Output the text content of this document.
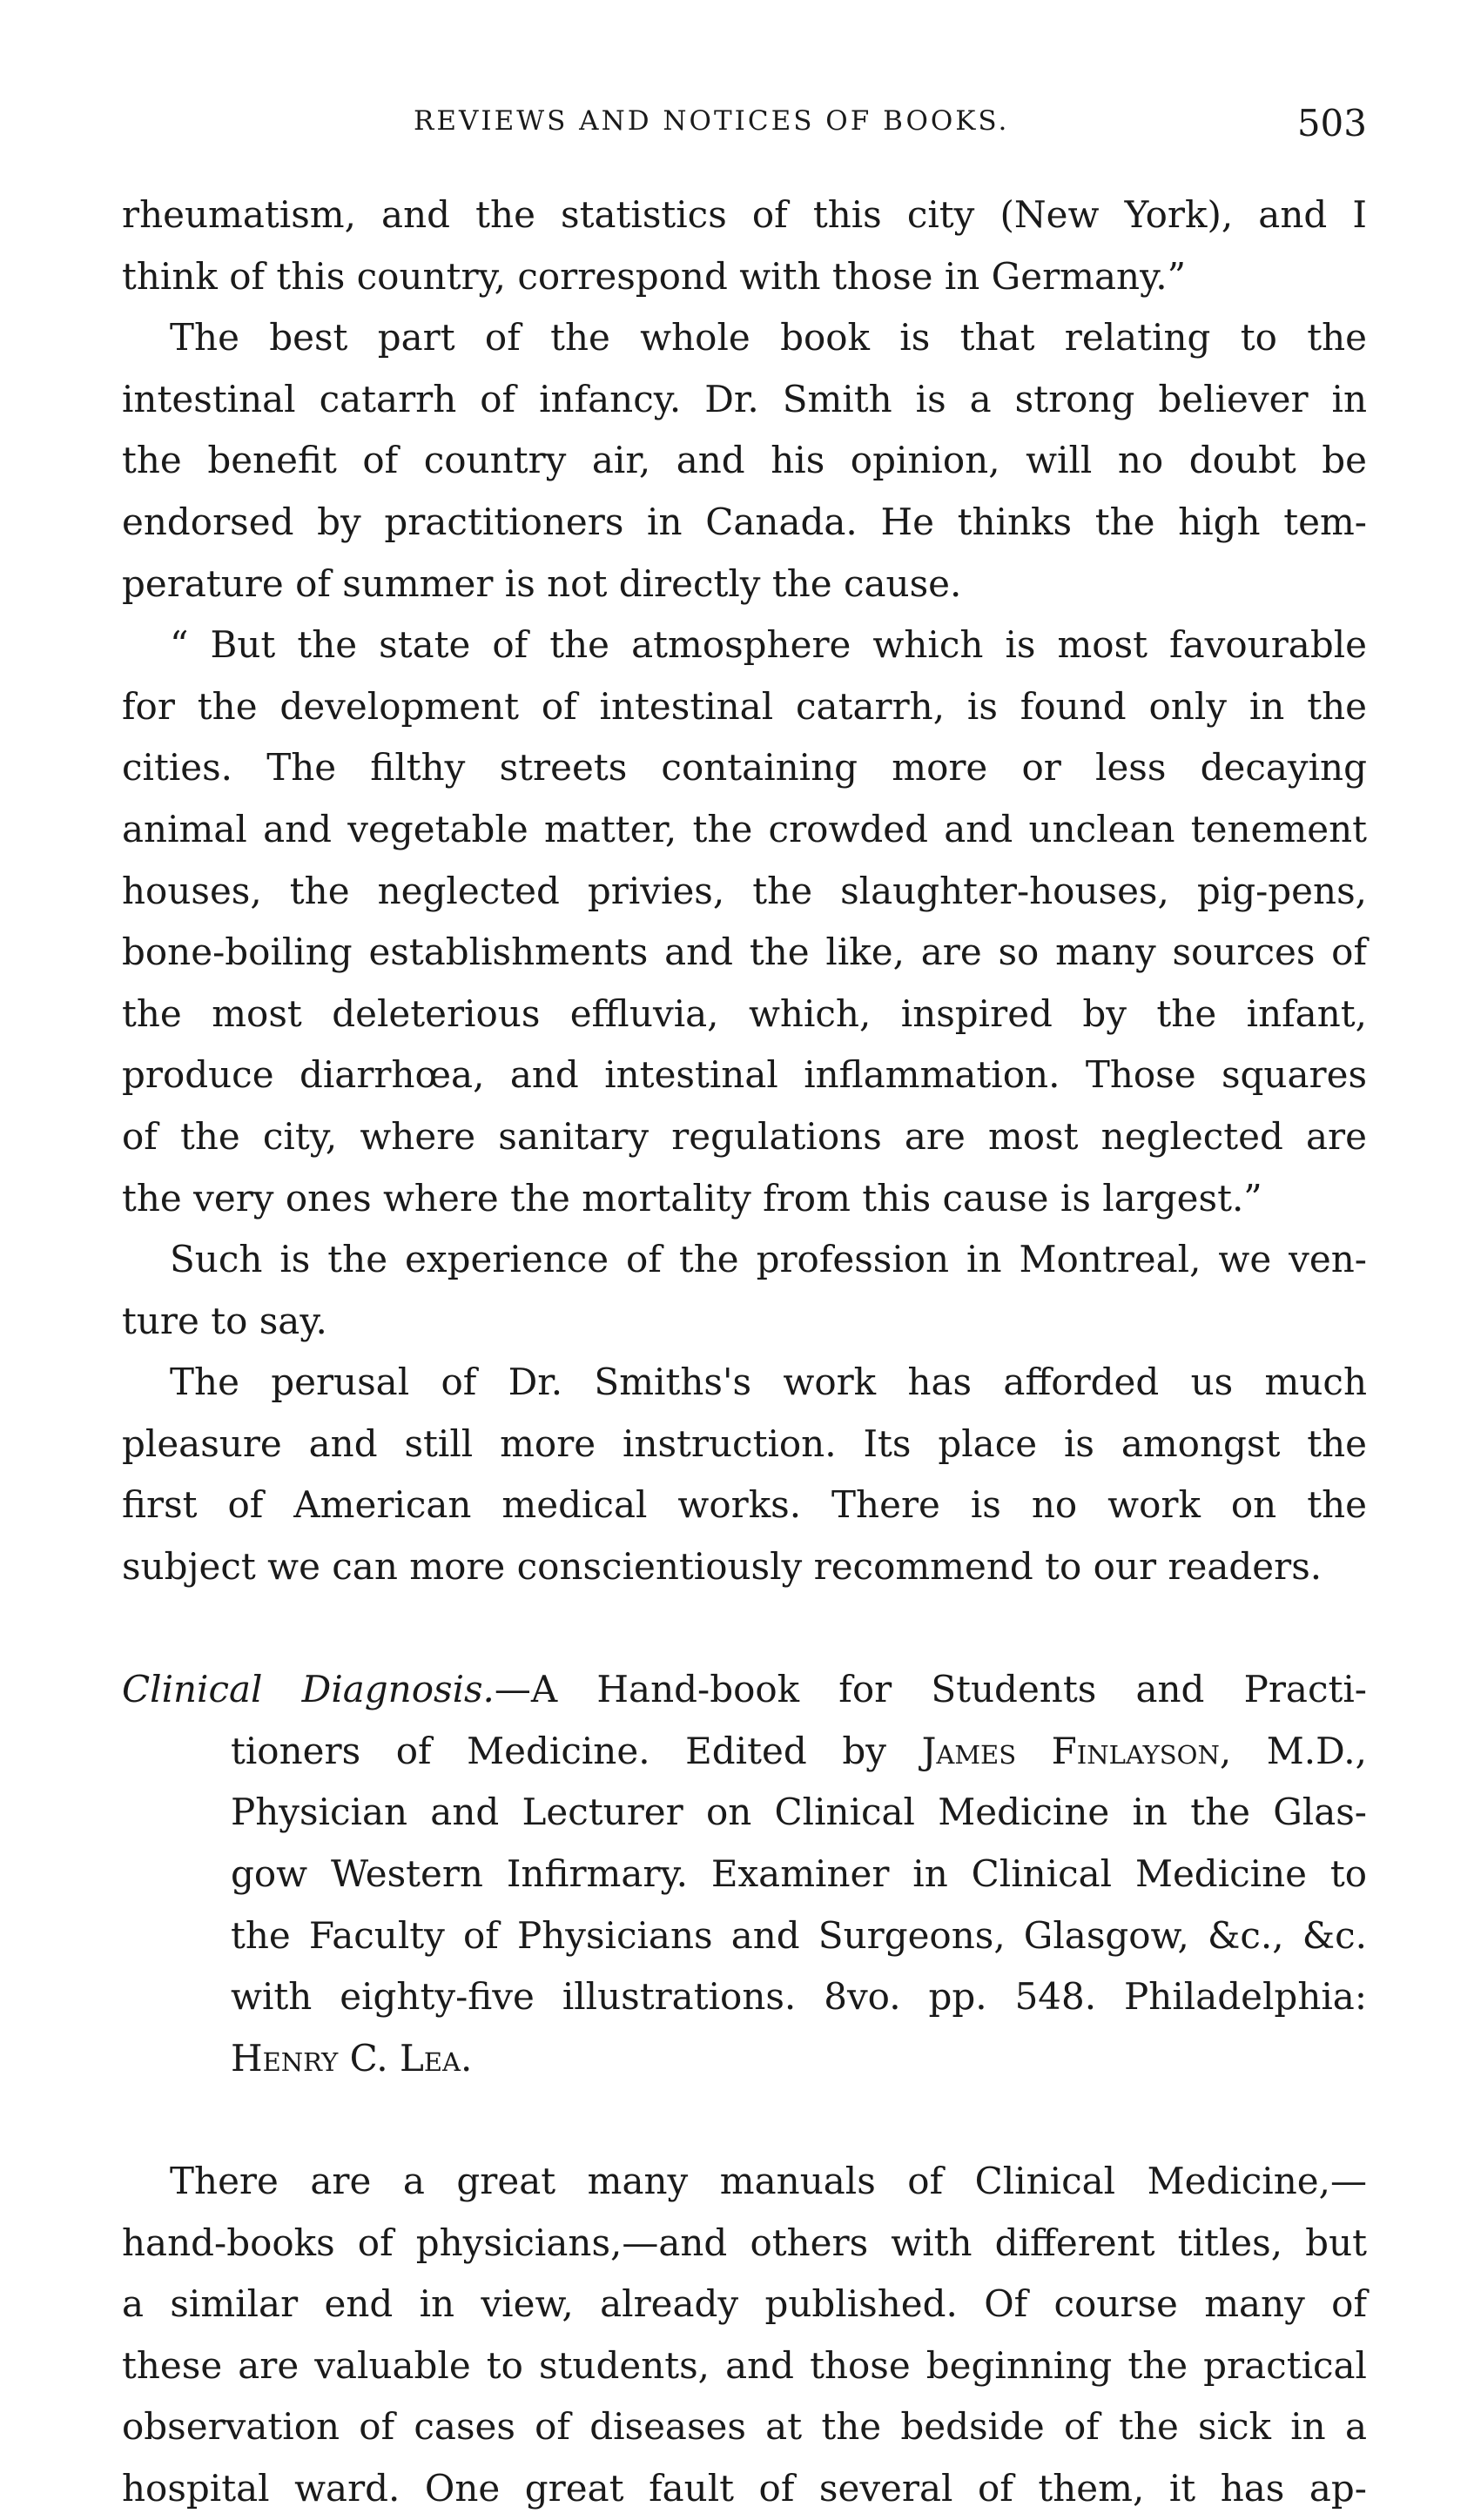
REVIEWS AND NOTICES OF BOOKS.	503
rheumatism, and the statistics of this city (New York), and I
think of this country, correspond with those in Germany.”
The best part of the whole book is that relating to the
intestinal catarrh of infancy. Dr. Smith is a strong believer in
the benefit of country air, and his opinion, will no doubt be
endorsed by practitioners in Canada. He thinks the high tem-
perature of summer is not directly the cause.
“ But the state of the atmosphere which is most favourable
for the development of intestinal catarrh, is found only in the
cities. The filthy streets containing more or less decaying
animal and vegetable matter, the crowded and unclean tenement
houses, the neglected privies, the slaughter-houses, pig-pens,
bone-boiling establishments and the like, are so many sources of
the most deleterious effluvia, which, inspired by the infant,
produce diarrhœa, and intestinal inflammation. Those squares
of the city, where sanitary regulations are most neglected are
the very ones where the mortality from this cause is largest.”
Such is the experience of the profession in Montreal, we ven-
ture to say.
The perusal of Dr. Smiths's work has afforded us much
pleasure and still more instruction. Its place is amongst the
first of American medical works. There is no work on the
subject we can more conscientiously recommend to our readers.
Clinical Diagnosis.—A Hand-book for Students and Practi-
tioners of Medicine. Edited by James Finlayson, M.D.,
Physician and Lecturer on Clinical Medicine in the Glas-
gow Western Infirmary. Examiner in Clinical Medicine to
the Faculty of Physicians and Surgeons, Glasgow, &c., &c.
with eighty-five illustrations. 8vo. pp. 548. Philadelphia:
Henry C. Lea.
There are a great many manuals of Clinical Medicine,—
hand-books of physicians,—and others with different titles, but
a similar end in view, already published. Of course many of
these are valuable to students, and those beginning the practical
observation of cases of diseases at the bedside of the sick in a
hospital ward. One great fault of several of them, it has ap-
